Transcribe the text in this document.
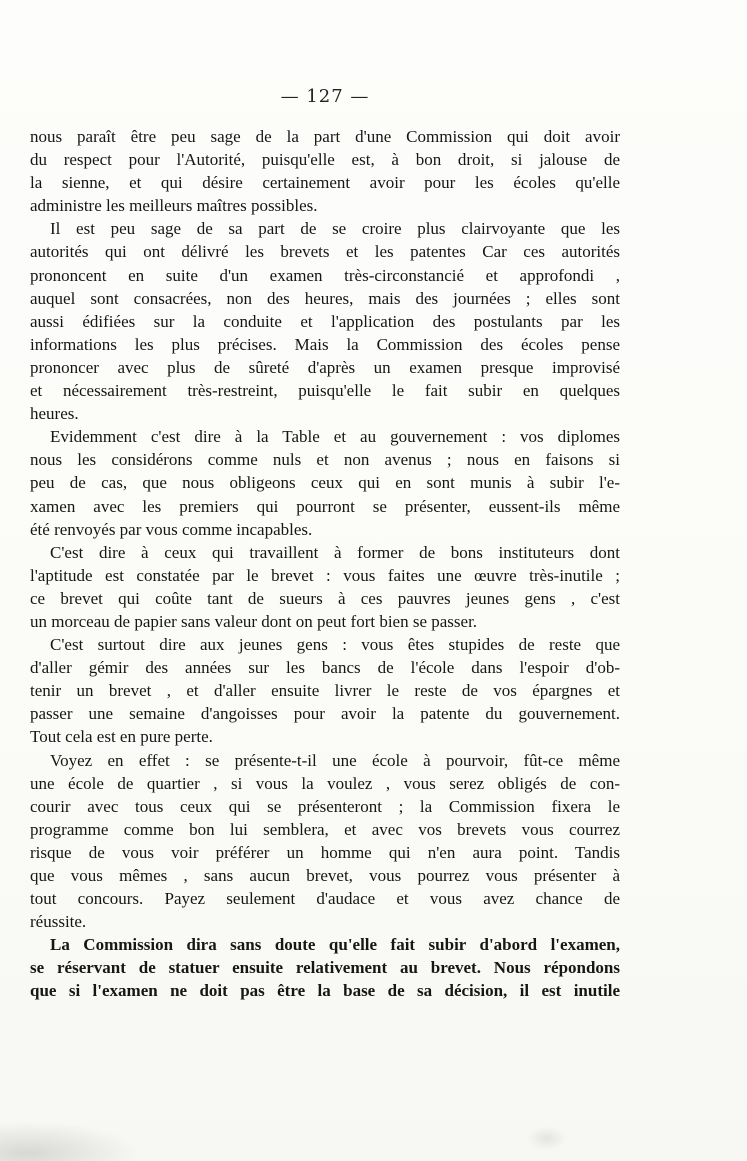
— 127 —
nous paraît être peu sage de la part d'une Commission qui doit avoir
du respect pour l'Autorité, puisqu'elle est, à bon droit, si jalouse de
la sienne, et qui désire certainement avoir pour les écoles qu'elle
administre les meilleurs maîtres possibles.
Il est peu sage de sa part de se croire plus clairvoyante que les
autorités qui ont délivré les brevets et les patentes Car ces autorités
prononcent en suite d'un examen très-circonstancié et approfondi ,
auquel sont consacrées, non des heures, mais des journées ; elles sont
aussi édifiées sur la conduite et l'application des postulants par les
informations les plus précises. Mais la Commission des écoles pense
prononcer avec plus de sûreté d'après un examen presque improvisé
et nécessairement très-restreint, puisqu'elle le fait subir en quelques
heures.
Evidemment c'est dire à la Table et au gouvernement : vos diplomes
nous les considérons comme nuls et non avenus ; nous en faisons si
peu de cas, que nous obligeons ceux qui en sont munis à subir l'e-
xamen avec les premiers qui pourront se présenter, eussent-ils même
été renvoyés par vous comme incapables.
C'est dire à ceux qui travaillent à former de bons instituteurs dont
l'aptitude est constatée par le brevet : vous faites une œuvre très-inutile ;
ce brevet qui coûte tant de sueurs à ces pauvres jeunes gens , c'est
un morceau de papier sans valeur dont on peut fort bien se passer.
C'est surtout dire aux jeunes gens : vous êtes stupides de reste que
d'aller gémir des années sur les bancs de l'école dans l'espoir d'ob-
tenir un brevet , et d'aller ensuite livrer le reste de vos épargnes et
passer une semaine d'angoisses pour avoir la patente du gouvernement.
Tout cela est en pure perte.
Voyez en effet : se présente-t-il une école à pourvoir, fût-ce même
une école de quartier , si vous la voulez , vous serez obligés de con-
courir avec tous ceux qui se présenteront ; la Commission fixera le
programme comme bon lui semblera, et avec vos brevets vous courrez
risque de vous voir préférer un homme qui n'en aura point. Tandis
que vous mêmes , sans aucun brevet, vous pourrez vous présenter à
tout concours. Payez seulement d'audace et vous avez chance de
réussite.
La Commission dira sans doute qu'elle fait subir d'abord l'examen,
se réservant de statuer ensuite relativement au brevet. Nous répondons
que si l'examen ne doit pas être la base de sa décision, il est inutile
